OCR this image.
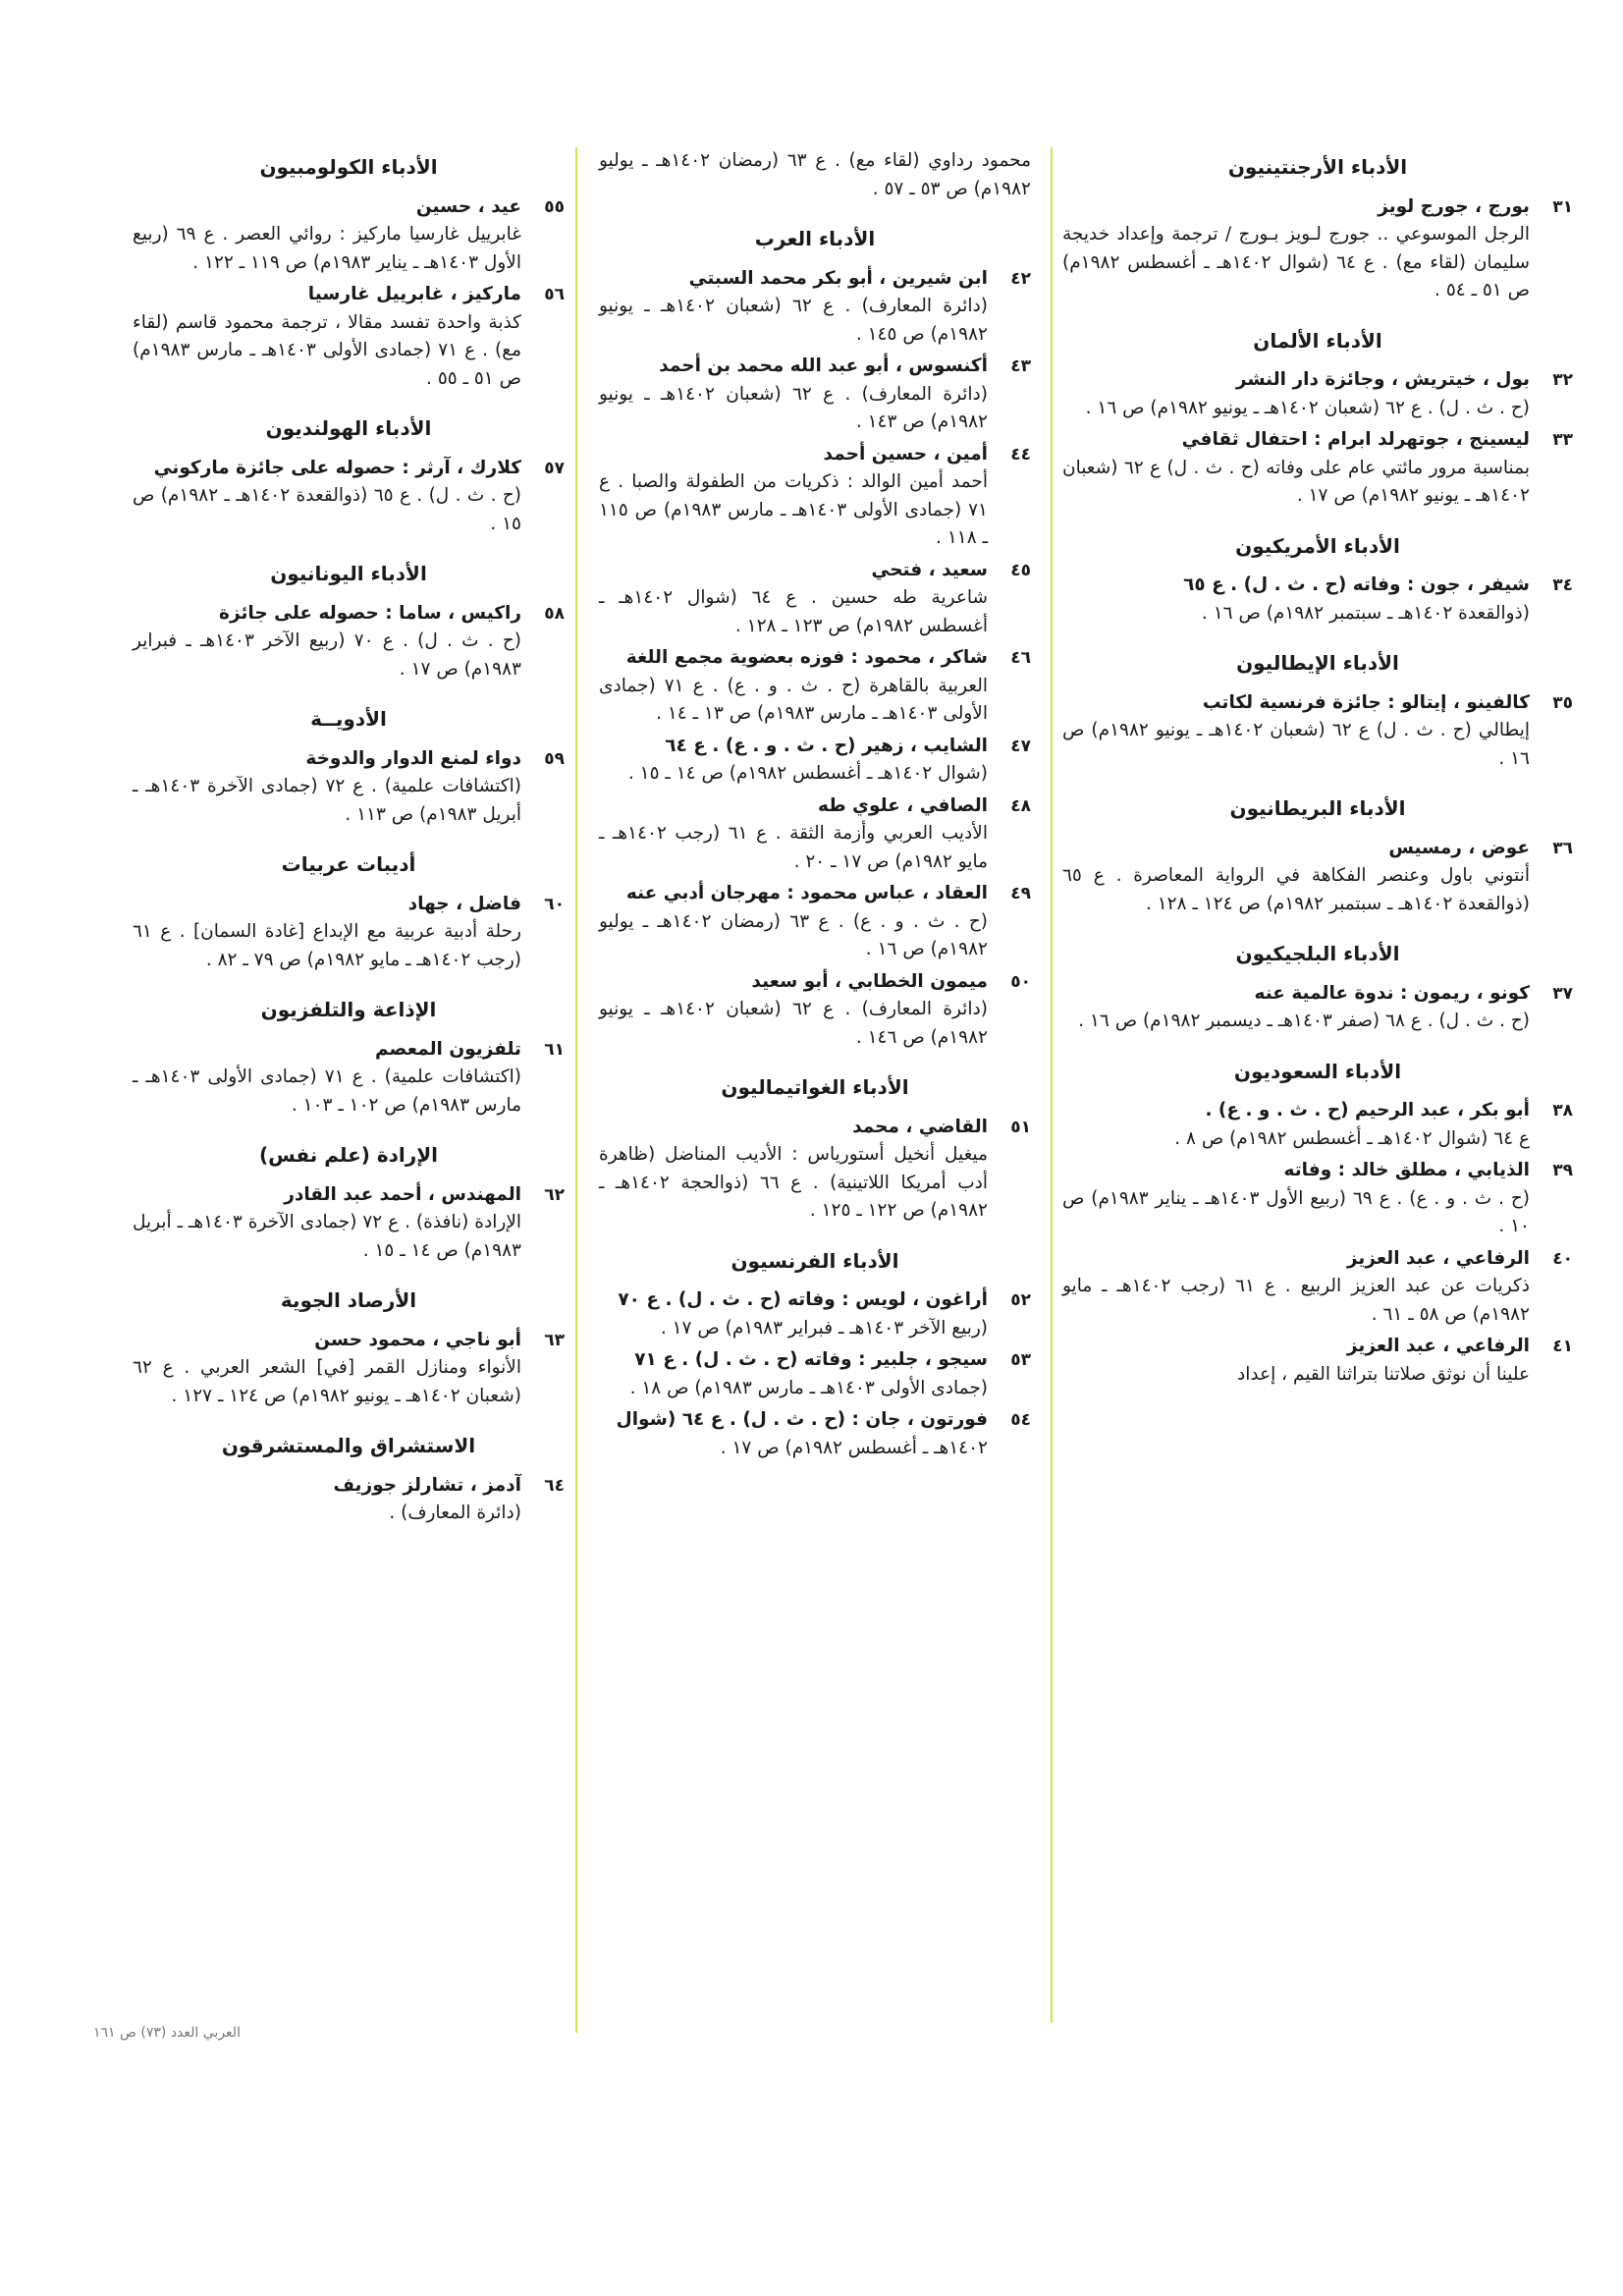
الأدباء الأرجنتينيون
٣١
بورج ، جورج لويز
الرجل الموسوعي .. جورج لـويز بـورج / ترجمة وإعداد خديجة سليمان (لقاء مع) . ع ٦٤ (شوال ١٤٠٢هـ ـ أغسطس ١٩٨٢م) ص ٥١ ـ ٥٤ .
الأدباء الألمان
٣٢
بول ، خيتريش ، وجائزة دار النشر
(ح . ث . ل) . ع ٦٢ (شعبان ١٤٠٢هـ ـ يونيو ١٩٨٢م) ص ١٦ .
٣٣
ليسينج ، جوتهرلد ابرام : احتفال ثقافي
بمناسبة مرور مائتي عام على وفاته (ح . ث . ل) ع ٦٢ (شعبان ١٤٠٢هـ ـ يونيو ١٩٨٢م) ص ١٧ .
الأدباء الأمريكيون
٣٤
شيفر ، جون : وفاته (ح . ث . ل) . ع ٦٥
(ذوالقعدة ١٤٠٢هـ ـ سبتمبر ١٩٨٢م) ص ١٦ .
الأدباء الإيطاليون
٣٥
كالفينو ، إيتالو : جائزة فرنسية لكاتب
إيطالي (ح . ث . ل) ع ٦٢ (شعبان ١٤٠٢هـ ـ يونيو ١٩٨٢م) ص ١٦ .
الأدباء البريطانيون
٣٦
عوض ، رمسيس
أنتوني باول وعنصر الفكاهة في الرواية المعاصرة . ع ٦٥ (ذوالقعدة ١٤٠٢هـ ـ سبتمبر ١٩٨٢م) ص ١٢٤ ـ ١٢٨ .
الأدباء البلجيكيون
٣٧
كونو ، ريمون : ندوة عالمية عنه
(ح . ث . ل) . ع ٦٨ (صفر ١٤٠٣هـ ـ ديسمبر ١٩٨٢م) ص ١٦ .
الأدباء السعوديون
٣٨
أبو بكر ، عبد الرحيم (ح . ث . و . ع) .
ع ٦٤ (شوال ١٤٠٢هـ ـ أغسطس ١٩٨٢م) ص ٨ .
٣٩
الذيابي ، مطلق خالد : وفاته
(ح . ث . و . ع) . ع ٦٩ (ربيع الأول ١٤٠٣هـ ـ يناير ١٩٨٣م) ص ١٠ .
٤٠
الرفاعي ، عبد العزيز
ذكريات عن عبد العزيز الربيع . ع ٦١ (رجب ١٤٠٢هـ ـ مايو ١٩٨٢م) ص ٥٨ ـ ٦١ .
٤١
الرفاعي ، عبد العزيز
علينا أن نوثق صلاتنا بتراثنا القيم ، إعداد
محمود رداوي (لقاء مع) . ع ٦٣ (رمضان ١٤٠٢هـ ـ يوليو ١٩٨٢م) ص ٥٣ ـ ٥٧ .
الأدباء العرب
٤٢
ابن شيرين ، أبو بكر محمد السبتي
(دائرة المعارف) . ع ٦٢ (شعبان ١٤٠٢هـ ـ يونيو ١٩٨٢م) ص ١٤٥ .
٤٣
أكنسوس ، أبو عبد الله محمد بن أحمد
(دائرة المعارف) . ع ٦٢ (شعبان ١٤٠٢هـ ـ يونيو ١٩٨٢م) ص ١٤٣ .
٤٤
أمين ، حسين أحمد
أحمد أمين الوالد : ذكريات من الطفولة والصبا . ع ٧١ (جمادى الأولى ١٤٠٣هـ ـ مارس ١٩٨٣م) ص ١١٥ ـ ١١٨ .
٤٥
سعيد ، فتحي
شاعرية طه حسين . ع ٦٤ (شوال ١٤٠٢هـ ـ أغسطس ١٩٨٢م) ص ١٢٣ ـ ١٢٨ .
٤٦
شاكر ، محمود : فوزه بعضوية مجمع اللغة
العربية بالقاهرة (ح . ث . و . ع) . ع ٧١ (جمادى الأولى ١٤٠٣هـ ـ مارس ١٩٨٣م) ص ١٣ ـ ١٤ .
٤٧
الشايب ، زهير (ح . ث . و . ع) . ع ٦٤
(شوال ١٤٠٢هـ ـ أغسطس ١٩٨٢م) ص ١٤ ـ ١٥ .
٤٨
الصافي ، علوي طه
الأديب العربي وأزمة الثقة . ع ٦١ (رجب ١٤٠٢هـ ـ مايو ١٩٨٢م) ص ١٧ ـ ٢٠ .
٤٩
العقاد ، عباس محمود : مهرجان أدبي عنه
(ح . ث . و . ع) . ع ٦٣ (رمضان ١٤٠٢هـ ـ يوليو ١٩٨٢م) ص ١٦ .
٥٠
ميمون الخطابي ، أبو سعيد
(دائرة المعارف) . ع ٦٢ (شعبان ١٤٠٢هـ ـ يونيو ١٩٨٢م) ص ١٤٦ .
الأدباء الغواتيماليون
٥١
القاضي ، محمد
ميغيل أنخيل أستورياس : الأديب المناضل (ظاهرة أدب أمريكا اللاتينية) . ع ٦٦ (ذوالحجة ١٤٠٢هـ ـ ١٩٨٢م) ص ١٢٢ ـ ١٢٥ .
الأدباء الفرنسيون
٥٢
أراغون ، لويس : وفاته (ح . ث . ل) . ع ٧٠
(ربيع الآخر ١٤٠٣هـ ـ فبراير ١٩٨٣م) ص ١٧ .
٥٣
سيجو ، جلبير : وفاته (ح . ث . ل) . ع ٧١
(جمادى الأولى ١٤٠٣هـ ـ مارس ١٩٨٣م) ص ١٨ .
٥٤
فورتون ، جان : (ح . ث . ل) . ع ٦٤ (شوال
١٤٠٢هـ ـ أغسطس ١٩٨٢م) ص ١٧ .
الأدباء الكولومبيون
٥٥
عيد ، حسين
غابرييل غارسيا ماركيز : روائي العصر . ع ٦٩ (ربيع الأول ١٤٠٣هـ ـ يناير ١٩٨٣م) ص ١١٩ ـ ١٢٢ .
٥٦
ماركيز ، غابرييل غارسيا
كذبة واحدة تفسد مقالا ، ترجمة محمود قاسم (لقاء مع) . ع ٧١ (جمادى الأولى ١٤٠٣هـ ـ مارس ١٩٨٣م) ص ٥١ ـ ٥٥ .
الأدباء الهولنديون
٥٧
كلارك ، آرثر : حصوله على جائزة ماركوني
(ح . ث . ل) . ع ٦٥ (ذوالقعدة ١٤٠٢هـ ـ ١٩٨٢م) ص ١٥ .
الأدباء اليونانيون
٥٨
راكيس ، ساما : حصوله على جائزة
(ح . ث . ل) . ع ٧٠ (ربيع الآخر ١٤٠٣هـ ـ فبراير ١٩٨٣م) ص ١٧ .
الأدويــة
٥٩
دواء لمنع الدوار والدوخة
(اكتشافات علمية) . ع ٧٢ (جمادى الآخرة ١٤٠٣هـ ـ أبريل ١٩٨٣م) ص ١١٣ .
أديبات عربيات
٦٠
فاضل ، جهاد
رحلة أدبية عربية مع الإبداع [غادة السمان] . ع ٦١ (رجب ١٤٠٢هـ ـ مايو ١٩٨٢م) ص ٧٩ ـ ٨٢ .
الإذاعة والتلفزيون
٦١
تلفزيون المعصم
(اكتشافات علمية) . ع ٧١ (جمادى الأولى ١٤٠٣هـ ـ مارس ١٩٨٣م) ص ١٠٢ ـ ١٠٣ .
الإرادة (علم نفس)
٦٢
المهندس ، أحمد عبد القادر
الإرادة (نافذة) . ع ٧٢ (جمادى الآخرة ١٤٠٣هـ ـ أبريل ١٩٨٣م) ص ١٤ ـ ١٥ .
الأرصاد الجوية
٦٣
أبو ناجي ، محمود حسن
الأنواء ومنازل القمر [في] الشعر العربي . ع ٦٢ (شعبان ١٤٠٢هـ ـ يونيو ١٩٨٢م) ص ١٢٤ ـ ١٢٧ .
الاستشراق والمستشرقون
٦٤
آدمز ، تشارلز جوزيف
(دائرة المعارف) .
العربي العدد (٧٣) ص ١٦١
